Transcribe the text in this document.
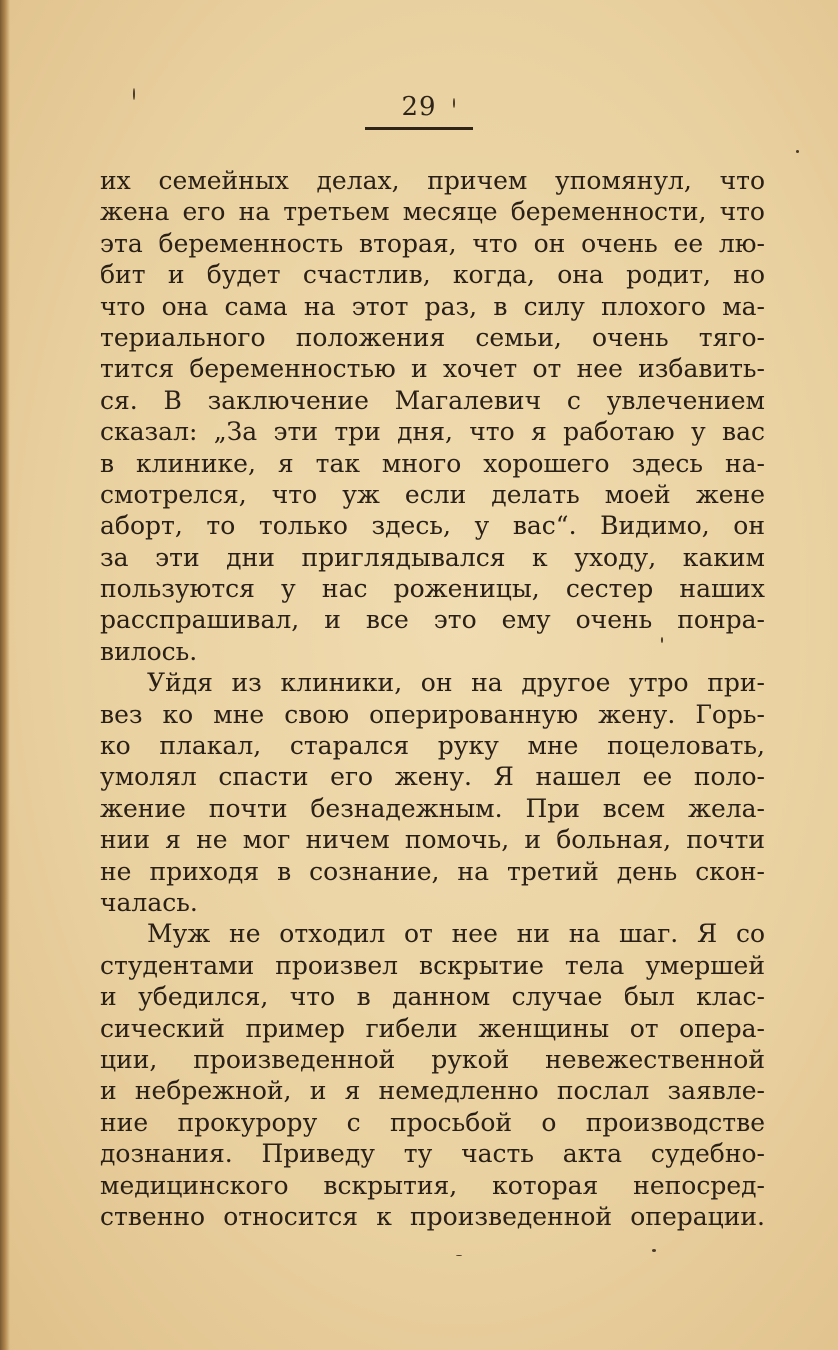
29
их семейных делах, причем упомянул, что
жена его на третьем месяце беременности, что
эта беременность вторая, что он очень ее лю-
бит и будет счастлив, когда, она родит, но
что она сама на этот раз, в силу плохого ма-
териального положения семьи, очень тяго-
тится беременностью и хочет от нее избавить-
ся. В заключение Магалевич с увлечением
сказал: „За эти три дня, что я работаю у вас
в клинике, я так много хорошего здесь на-
смотрелся, что уж если делать моей жене
аборт, то только здесь, у вас“. Видимо, он
за эти дни приглядывался к уходу, каким
пользуются у нас роженицы, сестер наших
расспрашивал, и все это ему очень понра-
вилось.
Уйдя из клиники, он на другое утро при-
вез ко мне свою оперированную жену. Горь-
ко плакал, старался руку мне поцеловать,
умолял спасти его жену. Я нашел ее поло-
жение почти безнадежным. При всем жела-
нии я не мог ничем помочь, и больная, почти
не приходя в сознание, на третий день скон-
чалась.
Муж не отходил от нее ни на шаг. Я со
студентами произвел вскрытие тела умершей
и убедился, что в данном случае был клас-
сический пример гибели женщины от опера-
ции, произведенной рукой невежественной
и небрежной, и я немедленно послал заявле-
ние прокурору с просьбой о производстве
дознания. Приведу ту часть акта судебно-
медицинского вскрытия, которая непосред-
ственно относится к произведенной операции.
